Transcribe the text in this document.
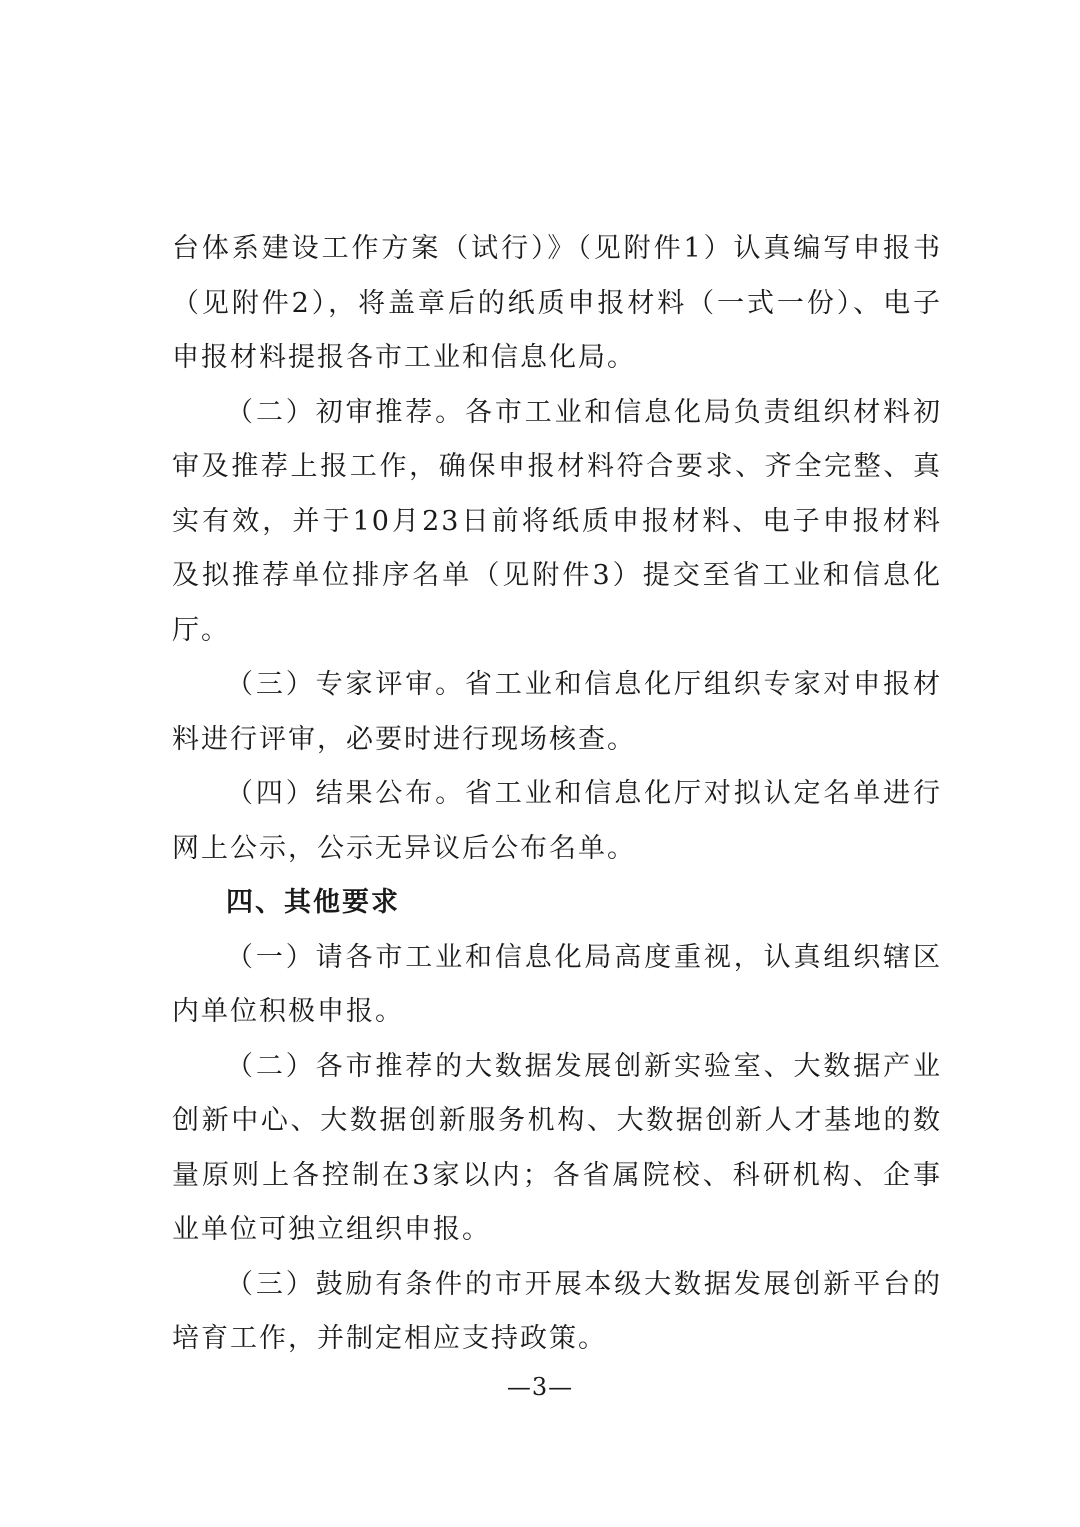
台体系建设工作方案（试行）》（见附件1）认真编写申报书（见附件2），将盖章后的纸质申报材料（一式一份）、电子申报材料提报各市工业和信息化局。

（二）初审推荐。各市工业和信息化局负责组织材料初审及推荐上报工作，确保申报材料符合要求、齐全完整、真实有效，并于10月23日前将纸质申报材料、电子申报材料及拟推荐单位排序名单（见附件3）提交至省工业和信息化厅。

（三）专家评审。省工业和信息化厅组织专家对申报材料进行评审，必要时进行现场核查。

（四）结果公布。省工业和信息化厅对拟认定名单进行网上公示，公示无异议后公布名单。

四、其他要求

（一）请各市工业和信息化局高度重视，认真组织辖区内单位积极申报。

（二）各市推荐的大数据发展创新实验室、大数据产业创新中心、大数据创新服务机构、大数据创新人才基地的数量原则上各控制在3家以内；各省属院校、科研机构、企事业单位可独立组织申报。

（三）鼓励有条件的市开展本级大数据发展创新平台的培育工作，并制定相应支持政策。

—3—
